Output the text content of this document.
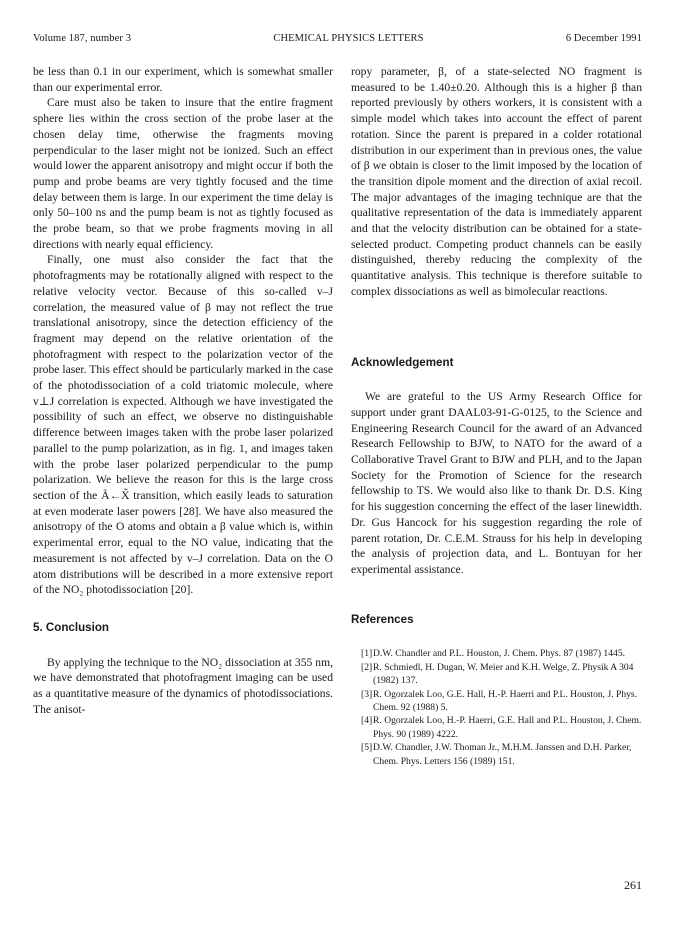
Volume 187, number 3	CHEMICAL PHYSICS LETTERS	6 December 1991

be less than 0.1 in our experiment, which is somewhat smaller than our experimental error.

Care must also be taken to insure that the entire fragment sphere lies within the cross section of the probe laser at the chosen delay time, otherwise the fragments moving perpendicular to the laser might not be ionized. Such an effect would lower the apparent anisotropy and might occur if both the pump and probe beams are very tightly focused and the time delay between them is large. In our experiment the time delay is only 50–100 ns and the pump beam is not as tightly focused as the probe beam, so that we probe fragments moving in all directions with nearly equal efficiency.

Finally, one must also consider the fact that the photofragments may be rotationally aligned with respect to the relative velocity vector. Because of this so-called v–J correlation, the measured value of β may not reflect the true translational anisotropy, since the detection efficiency of the fragment may depend on the relative orientation of the photofragment with respect to the polarization vector of the probe laser. This effect should be particularly marked in the case of the photodissociation of a cold triatomic molecule, where v⊥J correlation is expected. Although we have investigated the possibility of such an effect, we observe no distinguishable difference between images taken with the probe laser polarized parallel to the pump polarization, as in fig. 1, and images taken with the probe laser polarized perpendicular to the pump polarization. We believe the reason for this is the large cross section of the Ã←X̃ transition, which easily leads to saturation at even moderate laser powers [28]. We have also measured the anisotropy of the O atoms and obtain a β value which is, within experimental error, equal to the NO value, indicating that the measurement is not affected by v–J correlation. Data on the O atom distributions will be described in a more extensive report of the NO₂ photodissociation [20].

5. Conclusion

By applying the technique to the NO₂ dissociation at 355 nm, we have demonstrated that photofragment imaging can be used as a quantitative measure of the dynamics of photodissociations. The anisot-

ropy parameter, β, of a state-selected NO fragment is measured to be 1.40±0.20. Although this is a higher β than reported previously by others workers, it is consistent with a simple model which takes into account the effect of parent rotation. Since the parent is prepared in a colder rotational distribution in our experiment than in previous ones, the value of β we obtain is closer to the limit imposed by the location of the transition dipole moment and the direction of axial recoil. The major advantages of the imaging technique are that the qualitative representation of the data is immediately apparent and that the velocity distribution can be obtained for a state-selected product. Competing product channels can be easily distinguished, thereby reducing the complexity of the quantitative analysis. This technique is therefore suitable to complex dissociations as well as bimolecular reactions.

Acknowledgement

We are grateful to the US Army Research Office for support under grant DAAL03-91-G-0125, to the Science and Engineering Research Council for the award of an Advanced Research Fellowship to BJW, to NATO for the award of a Collaborative Travel Grant to BJW and PLH, and to the Japan Society for the Promotion of Science for the research fellowship to TS. We would also like to thank Dr. D.S. King for his suggestion concerning the effect of the laser linewidth. Dr. Gus Hancock for his suggestion regarding the role of parent rotation, Dr. C.E.M. Strauss for his help in developing the analysis of projection data, and L. Bontuyan for her experimental assistance.

References
[1] D.W. Chandler and P.L. Houston, J. Chem. Phys. 87 (1987) 1445.
[2] R. Schmiedl, H. Dugan, W. Meier and K.H. Welge, Z. Physik A 304 (1982) 137.
[3] R. Ogorzalek Loo, G.E. Hall, H.-P. Haerri and P.L. Houston, J. Phys. Chem. 92 (1988) 5.
[4] R. Ogorzalek Loo, H.-P. Haerri, G.E. Hall and P.L. Houston, J. Chem. Phys. 90 (1989) 4222.
[5] D.W. Chandler, J.W. Thoman Jr., M.H.M. Janssen and D.H. Parker, Chem. Phys. Letters 156 (1989) 151.
261
